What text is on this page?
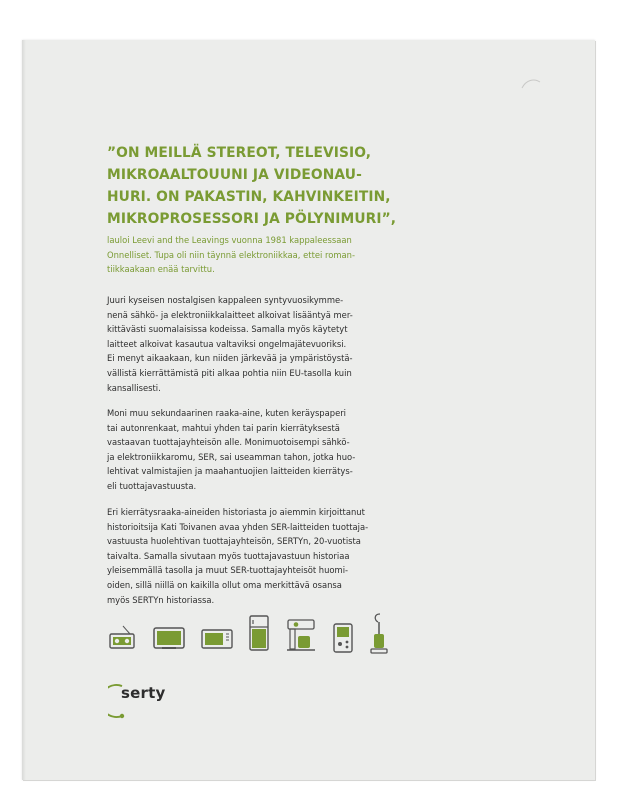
”ON MEILLÄ STEREOT, TELEVISIO,
MIKROAALTOUUNI JA VIDEONAU-
HURI. ON PAKASTIN, KAHVINKEITIN,
MIKROPROSESSORI JA PÖLYNIMURI”,
lauloi Leevi and the Leavings vuonna 1981 kappaleessaan
Onnelliset. Tupa oli niin täynnä elektroniikkaa, ettei roman-
tiikkaakaan enää tarvittu.
Juuri kyseisen nostalgisen kappaleen syntyvuosikymme-
nenä sähkö- ja elektroniikkalaitteet alkoivat lisääntyä mer-
kittävästi suomalaisissa kodeissa. Samalla myös käytetyt
laitteet alkoivat kasautua valtaviksi ongelmajätevuoriksi.
Ei menyt aikaakaan, kun niiden järkevää ja ympäristöystä-
vällistä kierrättämistä piti alkaa pohtia niin EU-tasolla kuin
kansallisesti.
Moni muu sekundaarinen raaka-aine, kuten keräyspaperi
tai autonrenkaat, mahtui yhden tai parin kierrätyksestä
vastaavan tuottajayhteisön alle. Monimuotoisempi sähkö-
ja elektroniikkaromu, SER, sai useamman tahon, jotka huo-
lehtivat valmistajien ja maahantuojien laitteiden kierrätys-
eli tuottajavastuusta.
Eri kierrätysraaka-aineiden historiasta jo aiemmin kirjoittanut
historioitsija Kati Toivanen avaa yhden SER-laitteiden tuottaja-
vastuusta huolehtivan tuottajayhteisön, SERTYn, 20-vuotista
taivalta. Samalla sivutaan myös tuottajavastuun historiaa
yleisemmällä tasolla ja muut SER-tuottajayhteisöt huomi-
oiden, sillä niillä on kaikilla ollut oma merkittävä osansa
myös SERTYn historiassa.
serty
